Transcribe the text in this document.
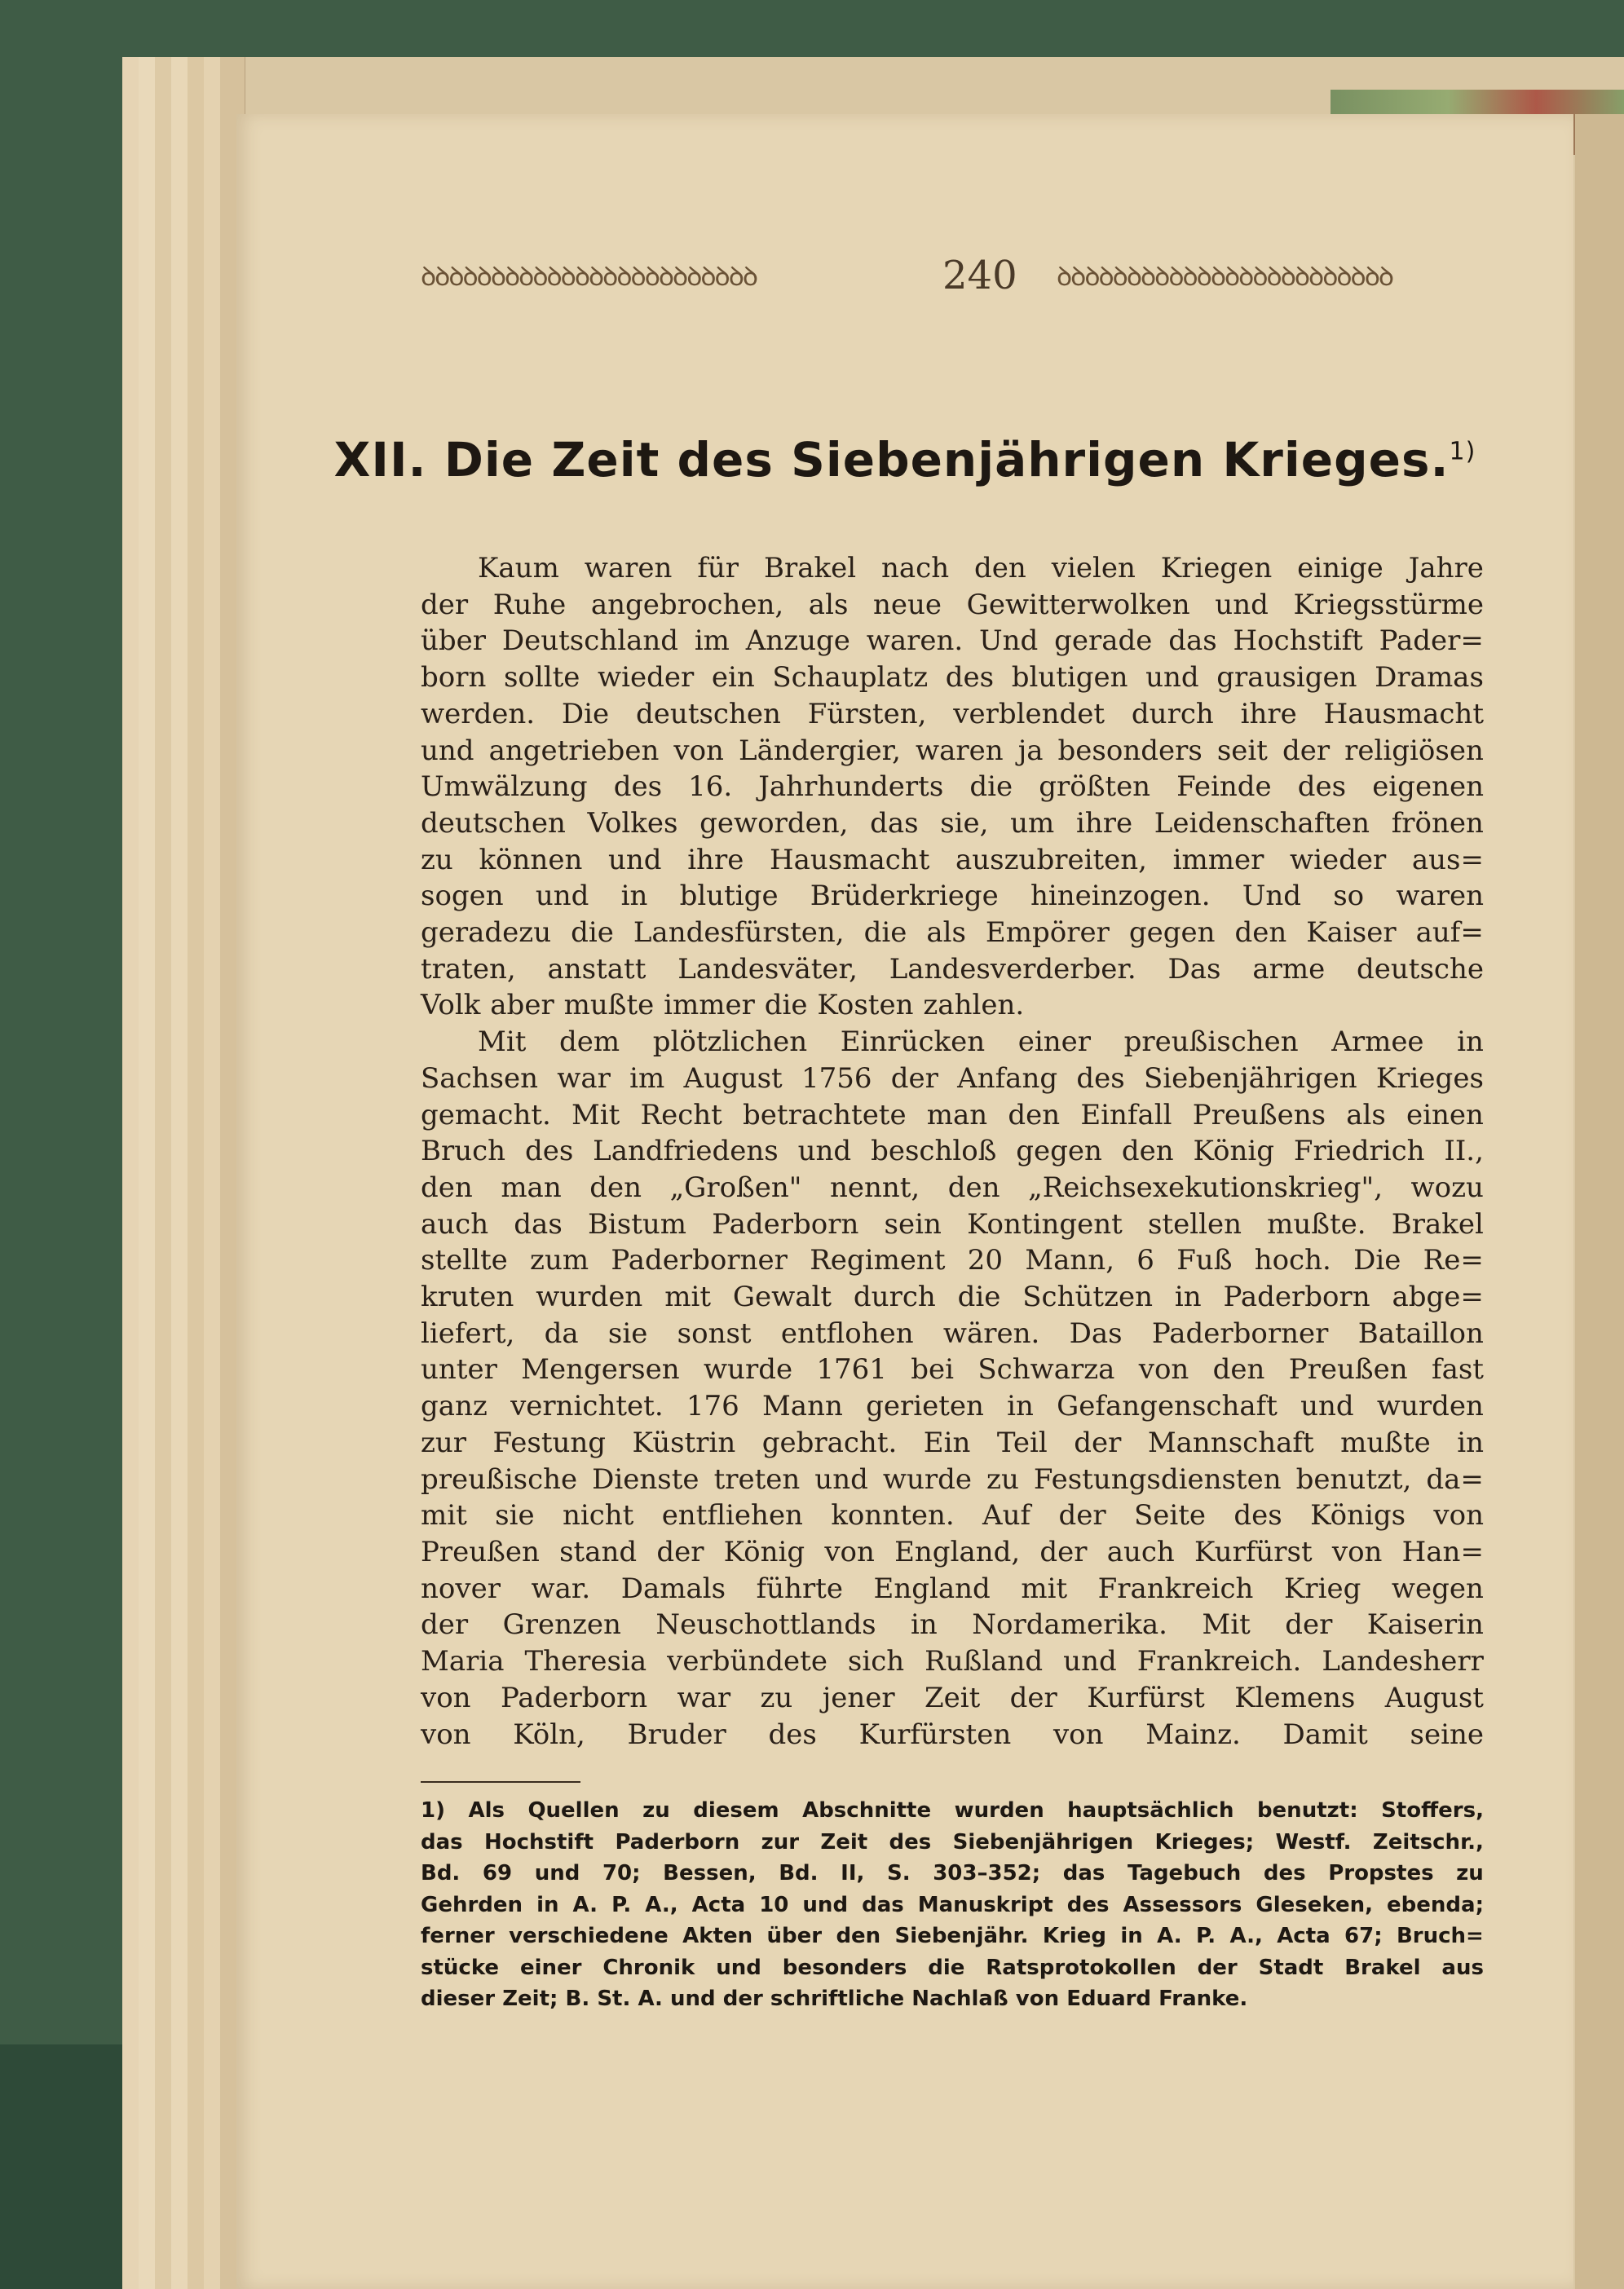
ꝺꝺꝺꝺꝺꝺꝺꝺꝺꝺꝺꝺꝺꝺꝺꝺꝺꝺꝺꝺꝺꝺꝺꝺ	240 ꝺꝺꝺꝺꝺꝺꝺꝺꝺꝺꝺꝺꝺꝺꝺꝺꝺꝺꝺꝺꝺꝺꝺꝺ
XII. Die Zeit des Siebenjährigen Krieges.$^{1)}$
Kaum waren für Brakel nach den vielen Kriegen einige Jahre
der Ruhe angebrochen, als neue Gewitterwolken und Kriegsstürme
über Deutschland im Anzuge waren. Und gerade das Hochstift Pader=
born sollte wieder ein Schauplatz des blutigen und grausigen Dramas
werden. Die deutschen Fürsten, verblendet durch ihre Hausmacht
und angetrieben von Ländergier, waren ja besonders seit der religiösen
Umwälzung des 16. Jahrhunderts die größten Feinde des eigenen
deutschen Volkes geworden, das sie, um ihre Leidenschaften frönen
zu können und ihre Hausmacht auszubreiten, immer wieder aus=
sogen und in blutige Brüderkriege hineinzogen. Und so waren
geradezu die Landesfürsten, die als Empörer gegen den Kaiser auf=
traten, anstatt Landesväter, Landesverderber. Das arme deutsche
Volk aber mußte immer die Kosten zahlen.
Mit dem plötzlichen Einrücken einer preußischen Armee in
Sachsen war im August 1756 der Anfang des Siebenjährigen Krieges
gemacht. Mit Recht betrachtete man den Einfall Preußens als einen
Bruch des Landfriedens und beschloß gegen den König Friedrich II.,
den man den „Großen" nennt, den „Reichsexekutionskrieg", wozu
auch das Bistum Paderborn sein Kontingent stellen mußte. Brakel
stellte zum Paderborner Regiment 20 Mann, 6 Fuß hoch. Die Re=
kruten wurden mit Gewalt durch die Schützen in Paderborn abge=
liefert, da sie sonst entflohen wären. Das Paderborner Bataillon
unter Mengersen wurde 1761 bei Schwarza von den Preußen fast
ganz vernichtet. 176 Mann gerieten in Gefangenschaft und wurden
zur Festung Küstrin gebracht. Ein Teil der Mannschaft mußte in
preußische Dienste treten und wurde zu Festungsdiensten benutzt, da=
mit sie nicht entfliehen konnten. Auf der Seite des Königs von
Preußen stand der König von England, der auch Kurfürst von Han=
nover war. Damals führte England mit Frankreich Krieg wegen
der Grenzen Neuschottlands in Nordamerika. Mit der Kaiserin
Maria Theresia verbündete sich Rußland und Frankreich. Landesherr
von Paderborn war zu jener Zeit der Kurfürst Klemens August
von Köln, Bruder des Kurfürsten von Mainz. Damit seine
1) Als Quellen zu diesem Abschnitte wurden hauptsächlich benutzt: Stoffers,
das Hochstift Paderborn zur Zeit des Siebenjährigen Krieges; Westf. Zeitschr.,
Bd. 69 und 70; Bessen, Bd. II, S. 303–352; das Tagebuch des Propstes zu
Gehrden in A. P. A., Acta 10 und das Manuskript des Assessors Gleseken, ebenda;
ferner verschiedene Akten über den Siebenjähr. Krieg in A. P. A., Acta 67; Bruch=
stücke einer Chronik und besonders die Ratsprotokollen der Stadt Brakel aus
dieser Zeit; B. St. A. und der schriftliche Nachlaß von Eduard Franke.
